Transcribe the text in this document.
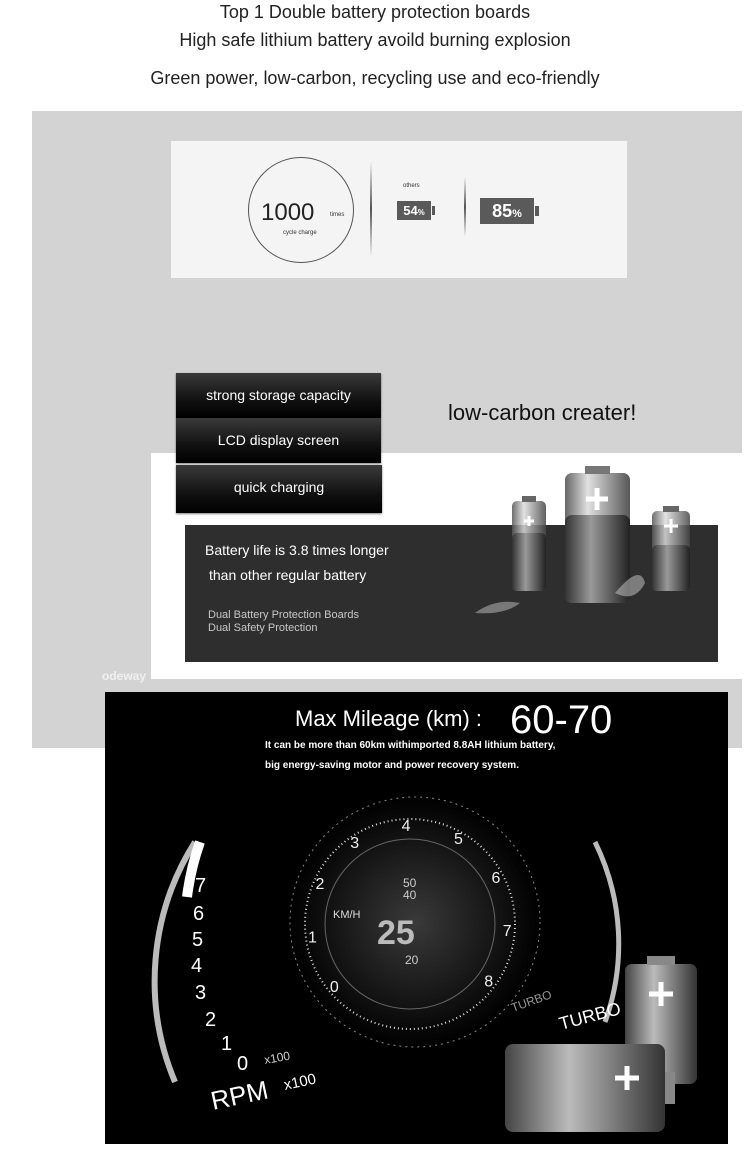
Top 1 Double battery protection boards
High safe lithium battery avoild burning explosion
Green power, low-carbon, recycling use and eco-friendly
1000	times
cycle charge
others
54%	85%
strong storage capacity
LCD display screen
quick charging
low-carbon creater!
Battery life is 3.8 times longer
than other regular battery
Dual Battery Protection Boards
Dual Safety Protection
odeway
7
6
5
4
3
2
1
0
0
1
2
3
4
5
6
7
8
50
40
20
KM/H 25
RPM x100
x100
TURBO
TURBO
Max Mileage (km) : 60-70
It can be more than 60km withimported 8.8AH lithium battery,
big energy-saving motor and power recovery system.
